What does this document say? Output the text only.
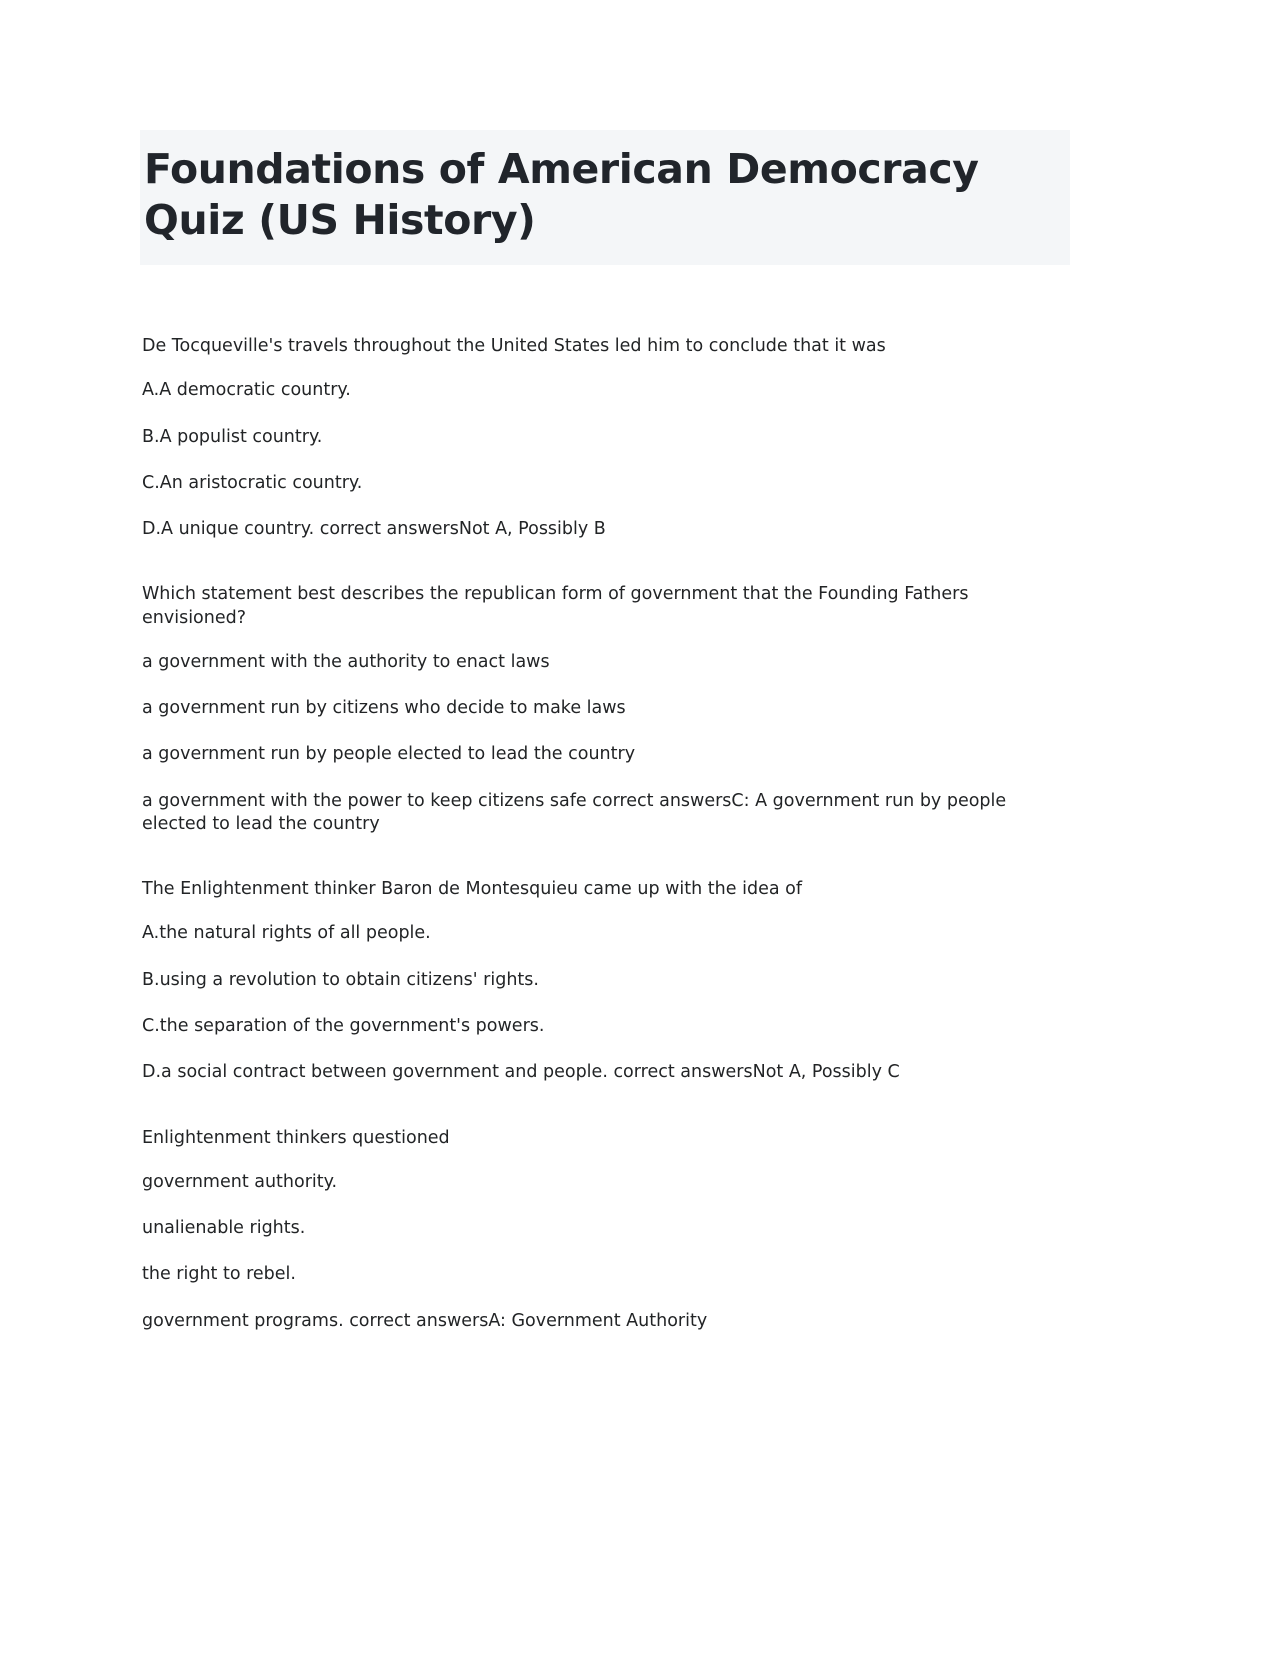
Foundations of American Democracy Quiz (US History)

De Tocqueville's travels throughout the United States led him to conclude that it was

A.A democratic country.

B.A populist country.

C.An aristocratic country.

D.A unique country. correct answersNot A, Possibly B

Which statement best describes the republican form of government that the Founding Fathers envisioned?

a government with the authority to enact laws

a government run by citizens who decide to make laws

a government run by people elected to lead the country

a government with the power to keep citizens safe correct answersC: A government run by people elected to lead the country

The Enlightenment thinker Baron de Montesquieu came up with the idea of

A.the natural rights of all people.

B.using a revolution to obtain citizens' rights.

C.the separation of the government's powers.

D.a social contract between government and people. correct answersNot A, Possibly C

Enlightenment thinkers questioned

government authority.

unalienable rights.

the right to rebel.

government programs. correct answersA: Government Authority
